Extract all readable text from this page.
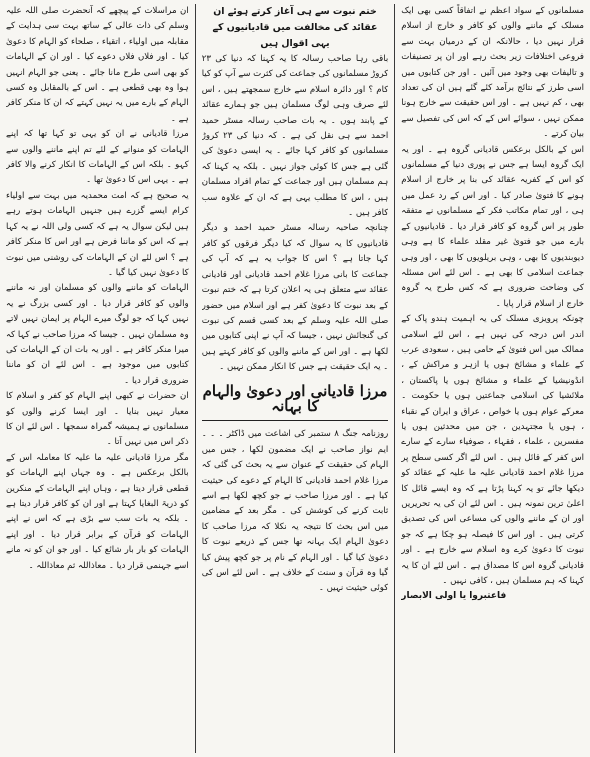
مسلمانوں کے سواد اعظم نے اتفاقاً کسی بھی ایک مسلک کے ماننے والوں کو کافر و خارج از اسلام قرار نہیں دیا ، حالانکہ ان کے درمیان بہت سے فروعی اختلافات زیر بحث رہے اور ان پر تصنیفات و تالیفات بھی وجود میں آئیں ۔ اور جن کتابوں میں اسی طرز کے نتائج برآمد کئے گئے ہیں ان کی تعداد بھی ، کم نہیں ہے ۔ اور اس حقیقت سے خارج ہونا ممکن نہیں ، سوائے اس کے کہ اس کی تفصیل سے بیان کرتے ۔

اس کے بالکل برعکس قادیانی گروہ ہے ۔ اور یہ ایک گروہ ایسا ہے جس نے پوری دنیا کے مسلمانوں کو اس کے کفریہ عقائد کی بنا پر خارج از اسلام ہونے کا فتویٰ صادر کیا ۔ اور اس کے رد عمل میں ہی ، اور تمام مکاتب فکر کے مسلمانوں نے متفقہ طور پر اس گروہ کو کافر قرار دیا ۔ قادیانیوں کے بارے میں جو فتویٰ غیر مقلد علماء کا ہے وہی دیوبندیوں کا بھی ، وہی بریلویوں کا بھی ، اور وہی جماعت اسلامی کا بھی ہے ۔ اس لئے اس مسئلہ کی وضاحت ضروری ہے کہ کس طرح یہ گروہ خارج از اسلام قرار پایا ۔

چونکہ پرویزی مسلک کی یہ اہمیت ہندو پاک کے اندر اس درجہ کی نہیں ہے ، اس لئے اسلامی ممالک میں اس فتویٰ کے حامی ہیں ، سعودی عرب کے علماء و مشائخ ہوں یا ازہر و مراکش کے ، انڈونیشیا کے علماء و مشائخ ہوں یا پاکستان ، ملائشیا کی اسلامی جماعتیں ہوں یا حکومت ۔ معرکے عوام ہوں یا خواص ، عراق و ایران کے نقباء ، ہوں یا مجتہدین ، جن میں محدثین ہوں یا مفسرین ، علماء ، فقہاء ، صوفیاء سارے کے سارے اس کفر کے قائل ہیں ۔ اس لئے اگر کسی سطح پر مرزا غلام احمد قادیانی علیہ ما علیہ کے عقائد کو دیکھا جائے تو یہ کہنا پڑتا ہے کہ وہ ایسے قائل کا اعلیٰ ترین نمونہ ہیں ۔ اس لئے ان کی یہ تحریریں اور ان کے ماننے والوں کی مساعی اس کی تصدیق کرتی ہیں ۔ اور اس کا فیصلہ ہو چکا ہے کہ جو نبوت کا دعویٰ کرے وہ اسلام سے خارج ہے ۔ اور قادیانی گروہ اس کا مصداق ہے ۔ اس لئے ان کا یہ کہنا کہ ہم مسلمان ہیں ، کافی نہیں ۔

فاعتبروا یا اولی الابصار

ختم نبوت سے ہی آغاز کرتے ہوئے ان عقائد کی مخالفت میں قادیانیوں کے یہی اقوال ہیں

باقی رہا صاحب رسالہ کا یہ کہنا کہ دنیا کی ۲۳ کروڑ مسلمانوں کی جماعت کی کثرت سے آپ کو کیا کام ؟ اور دائرہ اسلام سے خارج سمجھتے ہیں ، اس لئے صرف وہی لوگ مسلمان ہیں جو ہمارے عقائد کے پابند ہوں ۔ یہ بات صاحب رسالہ مسٹر حمید احمد سے ہی نقل کی ہے ۔ کہ دنیا کی ۲۳ کروڑ مسلمانوں کو کافر کہا جائے ۔ یہ ایسی دعویٰ کی گئی ہے جس کا کوئی جواز نہیں ۔ بلکہ یہ کہنا کہ ہم مسلمان ہیں اور جماعت کے تمام افراد مسلمان ہیں ، اس کا مطلب یہی ہے کہ ان کے علاوہ سب کافر ہیں ۔

چنانچہ صاحبہ رسالہ مسٹر حمید احمد و دیگر قادیانیوں کا یہ سوال کہ کیا دیگر فرقوں کو کافر کہا جاتا ہے ؟ اس کا جواب یہ ہے کہ آپ کی جماعت کا بانی مرزا غلام احمد قادیانی اور قادیانی عقائد سے متعلق ہی یہ اعلان کرتا ہے کہ ختم نبوت کے بعد نبوت کا دعویٰ کفر ہے اور اسلام میں حضور صلی اللہ علیہ وسلم کے بعد کسی قسم کی نبوت کی گنجائش نہیں ، جیسا کہ آپ نے اپنی کتابوں میں لکھا ہے ۔ اور اس کے ماننے والوں کو کافر کہتے ہیں ۔ یہ ایک حقیقت ہے جس کا انکار ممکن نہیں ۔

مرزا قادیانی اور دعویٰ والہام کا بہانہ

روزنامہ جنگ ۸ ستمبر کی اشاعت میں ڈاکٹر ۔ ۔ ۔ ایم نواز صاحب نے ایک مضمون لکھا ، جس میں الہام کی حقیقت کے عنوان سے یہ بحث کی گئی کہ مرزا غلام احمد قادیانی کا الہام کے دعوے کی حیثیت کیا ہے ۔ اور مرزا صاحب نے جو کچھ لکھا ہے اسے ثابت کرنے کی کوشش کی ۔ مگر بعد کے مضامین میں اس بحث کا نتیجہ یہ نکلا کہ مرزا صاحب کا دعویٰ الہام ایک بہانہ تھا جس کے ذریعے نبوت کا دعویٰ کیا گیا ۔ اور الہام کے نام پر جو کچھ پیش کیا گیا وہ قرآن و سنت کے خلاف ہے ۔ اس لئے اس کی کوئی حیثیت نہیں ۔

ان مراسلات کے پیچھے کہ آنحضرت صلی اللہ علیہ وسلم کی ذات عالی کے ساتھ بہت سی ہدایت کے مقابلہ میں اولیاء ، اتقیاء ، صلحاء کو الہام کا دعویٰ کیا ۔ اور فلاں فلاں دعوے کیا ۔ اور ان کے الہامات کو بھی اسی طرح مانا جائے ۔ یعنی جو الہام انہیں ہوا وہ بھی قطعی ہے ۔ اس کے بالمقابل وہ کسی الہام کے بارے میں یہ نہیں کہتے کہ ان کا منکر کافر ہے ۔

مرزا قادیانی نے ان کو یہی تو کہا تھا کہ اپنے الہامات کو منوانے کے لئے تم اپنے ماننے والوں سے کہو ۔ بلکہ اس کے الہامات کا انکار کرنے والا کافر ہے ۔ یہی اس کا دعویٰ تھا ۔

یہ صحیح ہے کہ امت محمدیہ میں بہت سے اولیاء کرام ایسے گزرے ہیں جنہیں الہامات ہوتے رہے ہیں لیکن سوال یہ ہے کہ کسی ولی اللہ نے یہ کہا ہے کہ اس کو ماننا فرض ہے اور اس کا منکر کافر ہے ؟ اس لئے ان کے الہامات کی روشنی میں نبوت کا دعویٰ نہیں کیا گیا ۔

الہامات کو ماننے والوں کو مسلمان اور نہ ماننے والوں کو کافر قرار دیا ۔ اور کسی بزرگ نے یہ نہیں کہا کہ جو لوگ میرے الہام پر ایمان نہیں لاتے وہ مسلمان نہیں ۔ جیسا کہ مرزا صاحب نے کہا کہ میرا منکر کافر ہے ۔ اور یہ بات ان کے الہامات کی کتابوں میں موجود ہے ۔ اس لئے ان کو ماننا ضروری قرار دیا ۔

ان حضرات نے کبھی اپنے الہام کو کفر و اسلام کا معیار نہیں بنایا ۔ اور ایسا کرنے والوں کو مسلمانوں نے ہمیشہ گمراہ سمجھا ۔ اس لئے ان کا ذکر اس میں نہیں آتا ۔

مگر مرزا قادیانی علیہ ما علیہ کا معاملہ اس کے بالکل برعکس ہے ۔ وہ جہاں اپنے الہامات کو قطعی قرار دیتا ہے ، وہاں اپنے الہامات کے منکرین کو ذریۃ البغایا کہتا ہے اور ان کو کافر قرار دیتا ہے ۔ بلکہ یہ بات سب سے بڑی ہے کہ اس نے اپنے الہامات کو قرآن کے برابر قرار دیا ۔ اور اپنے الہامات کو بار بار شائع کیا ۔ اور جو ان کو نہ مانے اسے جہنمی قرار دیا ۔ معاذاللہ ثم معاذاللہ ۔
